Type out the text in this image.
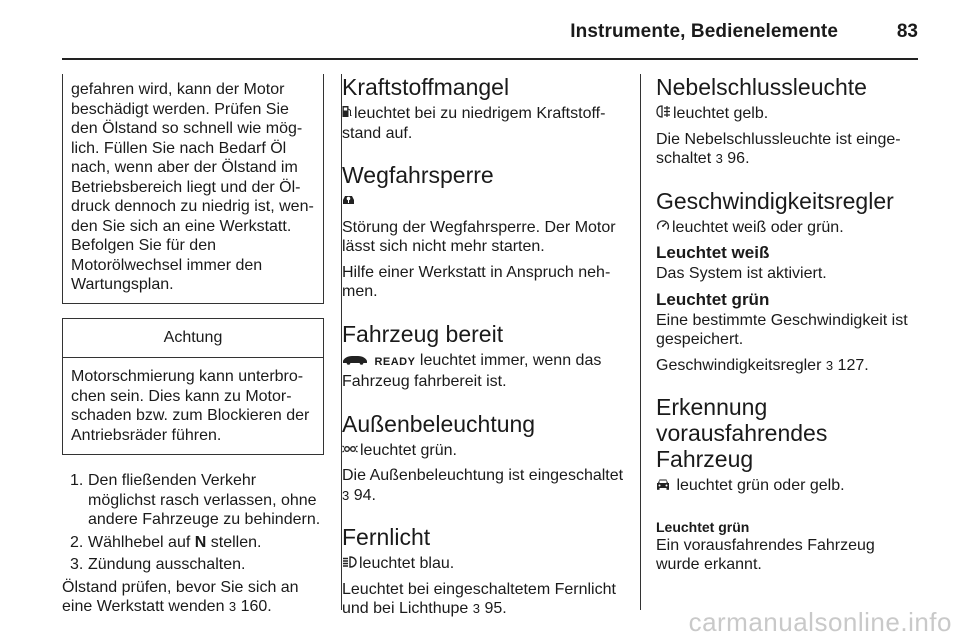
Instrumente, Bedienelemente	83
gefahren wird, kann der Motor beschädigt werden. Prüfen Sie den Ölstand so schnell wie möglich. Füllen Sie nach Bedarf Öl nach, wenn aber der Ölstand im Betriebsbereich liegt und der Öldruck dennoch zu niedrig ist, wenden Sie sich an eine Werkstatt. Befolgen Sie für den Motorölwechsel immer den Wartungsplan.
Achtung
Motorschmierung kann unterbrochen sein. Dies kann zu Motorschaden bzw. zum Blockieren der Antriebsräder führen.
1. Den fließenden Verkehr möglichst rasch verlassen, ohne andere Fahrzeuge zu behindern.
2. Wählhebel auf N stellen.
3. Zündung ausschalten.
Ölstand prüfen, bevor Sie sich an eine Werkstatt wenden 3 160.
Kraftstoffmangel

leuchtet bei zu niedrigem Kraftstoffstand auf.

Wegfahrsperre

Störung der Wegfahrsperre. Der Motor lässt sich nicht mehr starten.

Hilfe einer Werkstatt in Anspruch nehmen.

Fahrzeug bereit

READY leuchtet immer, wenn das Fahrzeug fahrbereit ist.

Außenbeleuchtung

leuchtet grün.

Die Außenbeleuchtung ist eingeschaltet 3 94.

Fernlicht

leuchtet blau.

Leuchtet bei eingeschaltetem Fernlicht und bei Lichthupe 3 95.

Nebelschlussleuchte

leuchtet gelb.

Die Nebelschlussleuchte ist eingeschaltet 3 96.

Geschwindigkeitsregler

leuchtet weiß oder grün.

Leuchtet weiß

Das System ist aktiviert.

Leuchtet grün

Eine bestimmte Geschwindigkeit ist gespeichert.

Geschwindigkeitsregler 3 127.

Erkennung
vorausfahrendes
Fahrzeug

leuchtet grün oder gelb.

Leuchtet grün

Ein vorausfahrendes Fahrzeug wurde erkannt.

carmanualsonline.info
